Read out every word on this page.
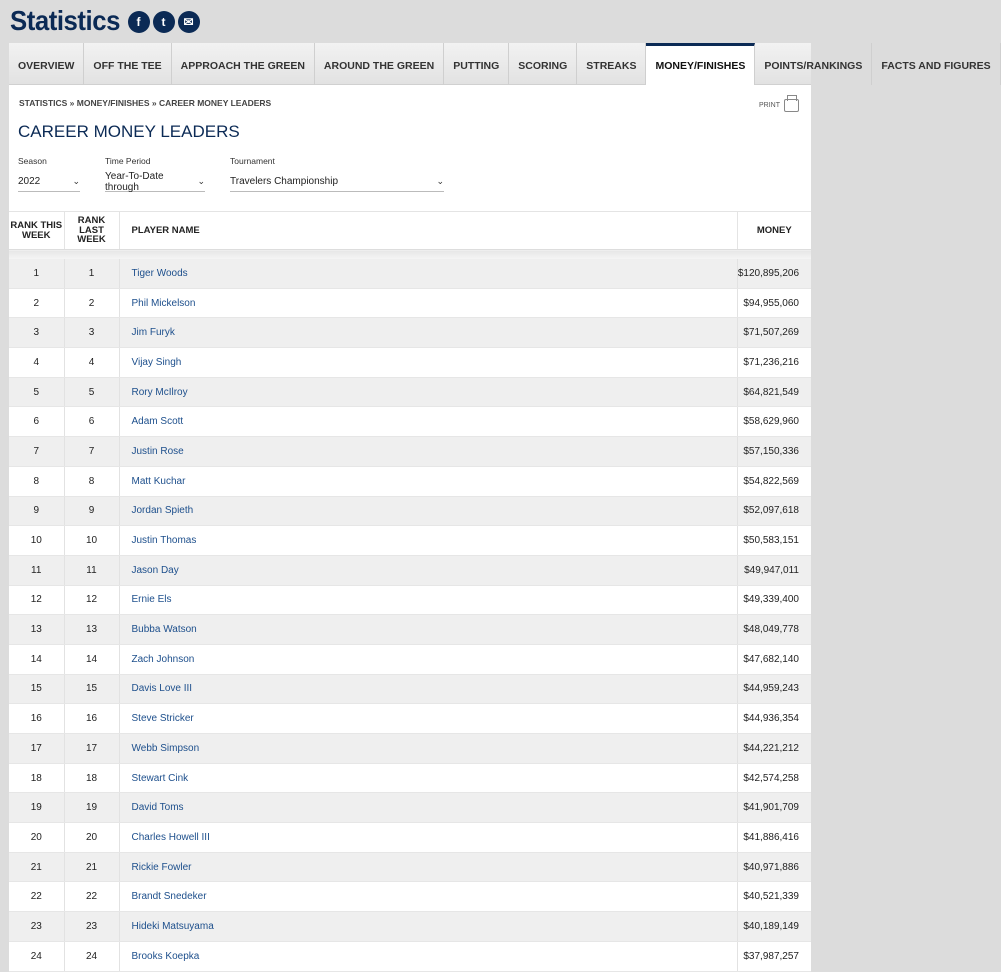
Statistics	f	t	✉
OVERVIEW	OFF THE TEE	APPROACH THE GREEN	AROUND THE GREEN	PUTTING	SCORING	STREAKS	MONEY/FINISHES	POINTS/RANKINGS	FACTS AND FIGURES
STATISTICS » MONEY/FINISHES » CAREER MONEY LEADERS	PRINT
CAREER MONEY LEADERS
Season
2022	⌄
Time Period
Year-To-Date through
⌄
Tournament
Travelers Championship	⌄
RANK THIS WEEK	RANK LAST WEEK	PLAYER NAME	MONEY

1	1	Tiger Woods	$120,895,206
2	2	Phil Mickelson	$94,955,060
3	3	Jim Furyk	$71,507,269
4	4	Vijay Singh	$71,236,216
5	5	Rory McIlroy	$64,821,549
6	6	Adam Scott	$58,629,960
7	7	Justin Rose	$57,150,336
8	8	Matt Kuchar	$54,822,569
9	9	Jordan Spieth	$52,097,618
10	10	Justin Thomas	$50,583,151
11	11	Jason Day	$49,947,011
12	12	Ernie Els	$49,339,400
13	13	Bubba Watson	$48,049,778
14	14	Zach Johnson	$47,682,140
15	15	Davis Love III	$44,959,243
16	16	Steve Stricker	$44,936,354
17	17	Webb Simpson	$44,221,212
18	18	Stewart Cink	$42,574,258
19	19	David Toms	$41,901,709
20	20	Charles Howell III	$41,886,416
21	21	Rickie Fowler	$40,971,886
22	22	Brandt Snedeker	$40,521,339
23	23	Hideki Matsuyama	$40,189,149
24	24	Brooks Koepka	$37,987,257
